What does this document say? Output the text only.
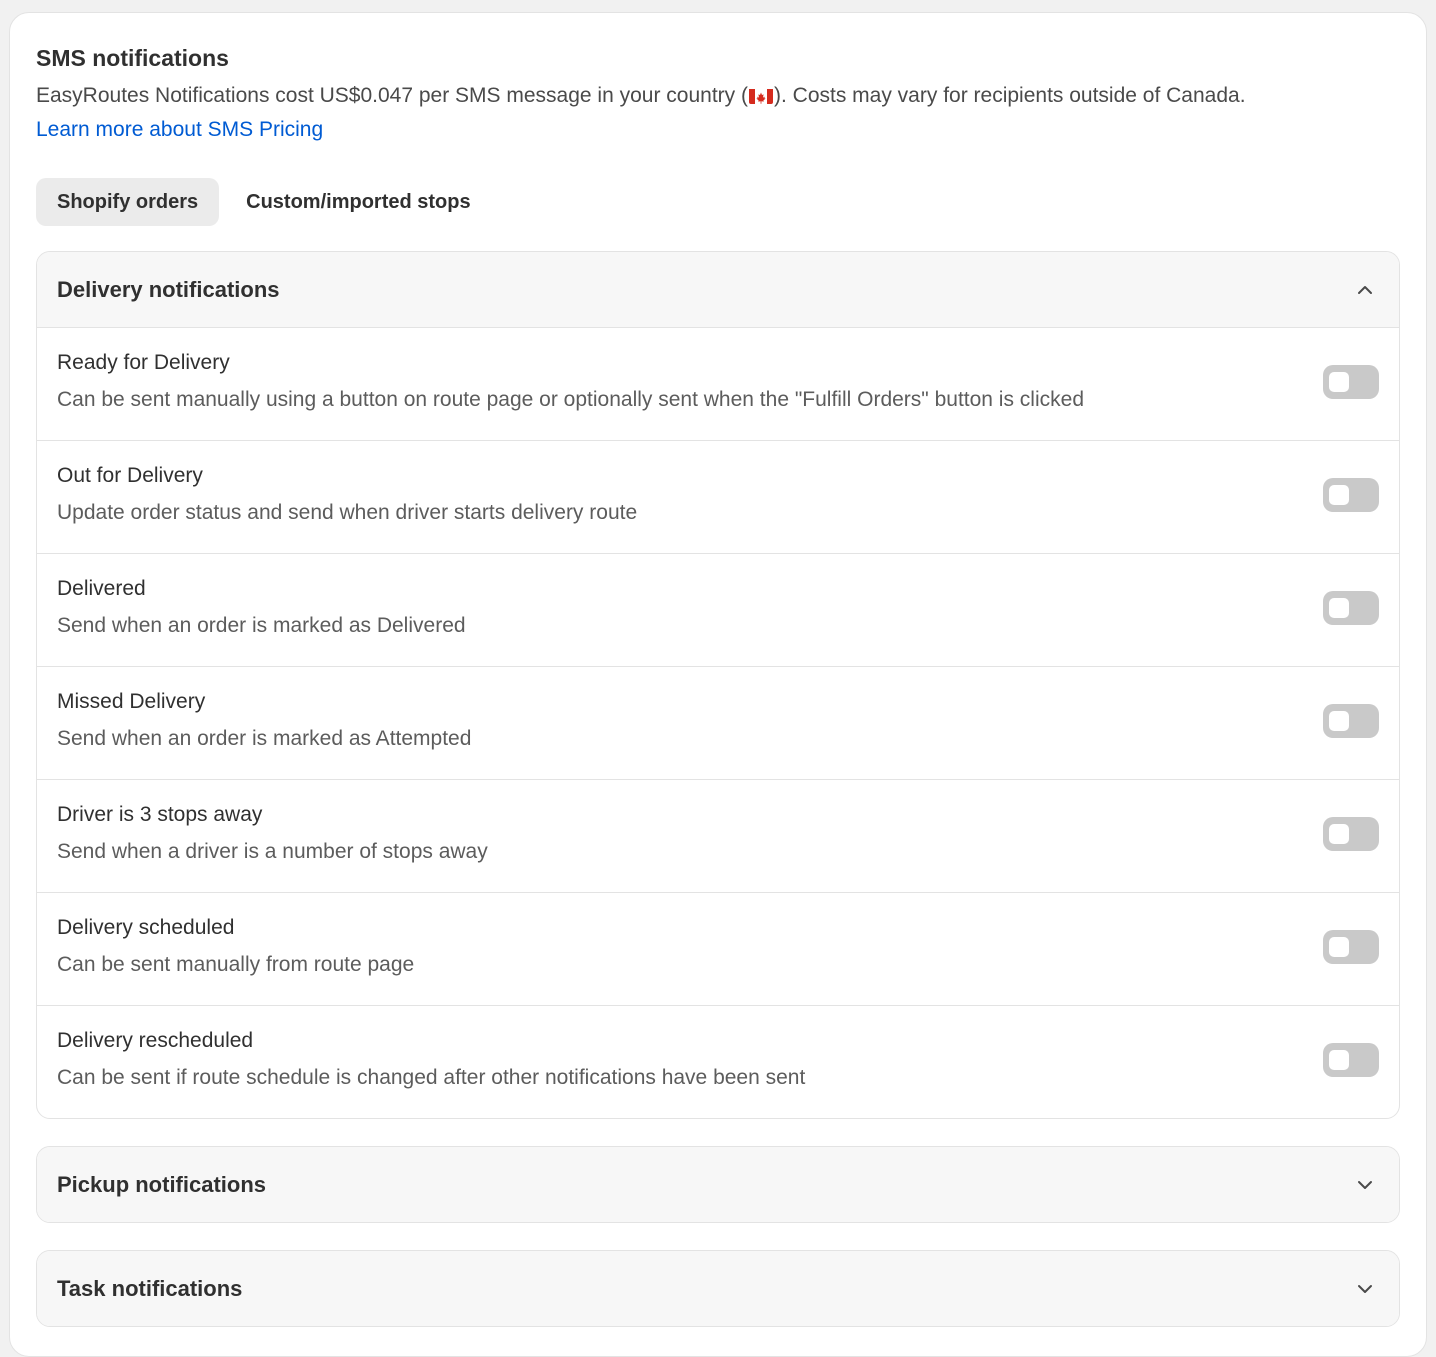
SMS notifications
EasyRoutes Notifications cost US$0.047 per SMS message in your country ( ). Costs may vary for recipients outside of Canada.
Learn more about SMS Pricing
Shopify orders	Custom/imported stops
Delivery notifications
Ready for Delivery
Can be sent manually using a button on route page or optionally sent when the "Fulfill Orders" button is clicked
Out for Delivery
Update order status and send when driver starts delivery route
Delivered
Send when an order is marked as Delivered
Missed Delivery
Send when an order is marked as Attempted
Driver is 3 stops away
Send when a driver is a number of stops away
Delivery scheduled
Can be sent manually from route page
Delivery rescheduled
Can be sent if route schedule is changed after other notifications have been sent
Pickup notifications
Task notifications
